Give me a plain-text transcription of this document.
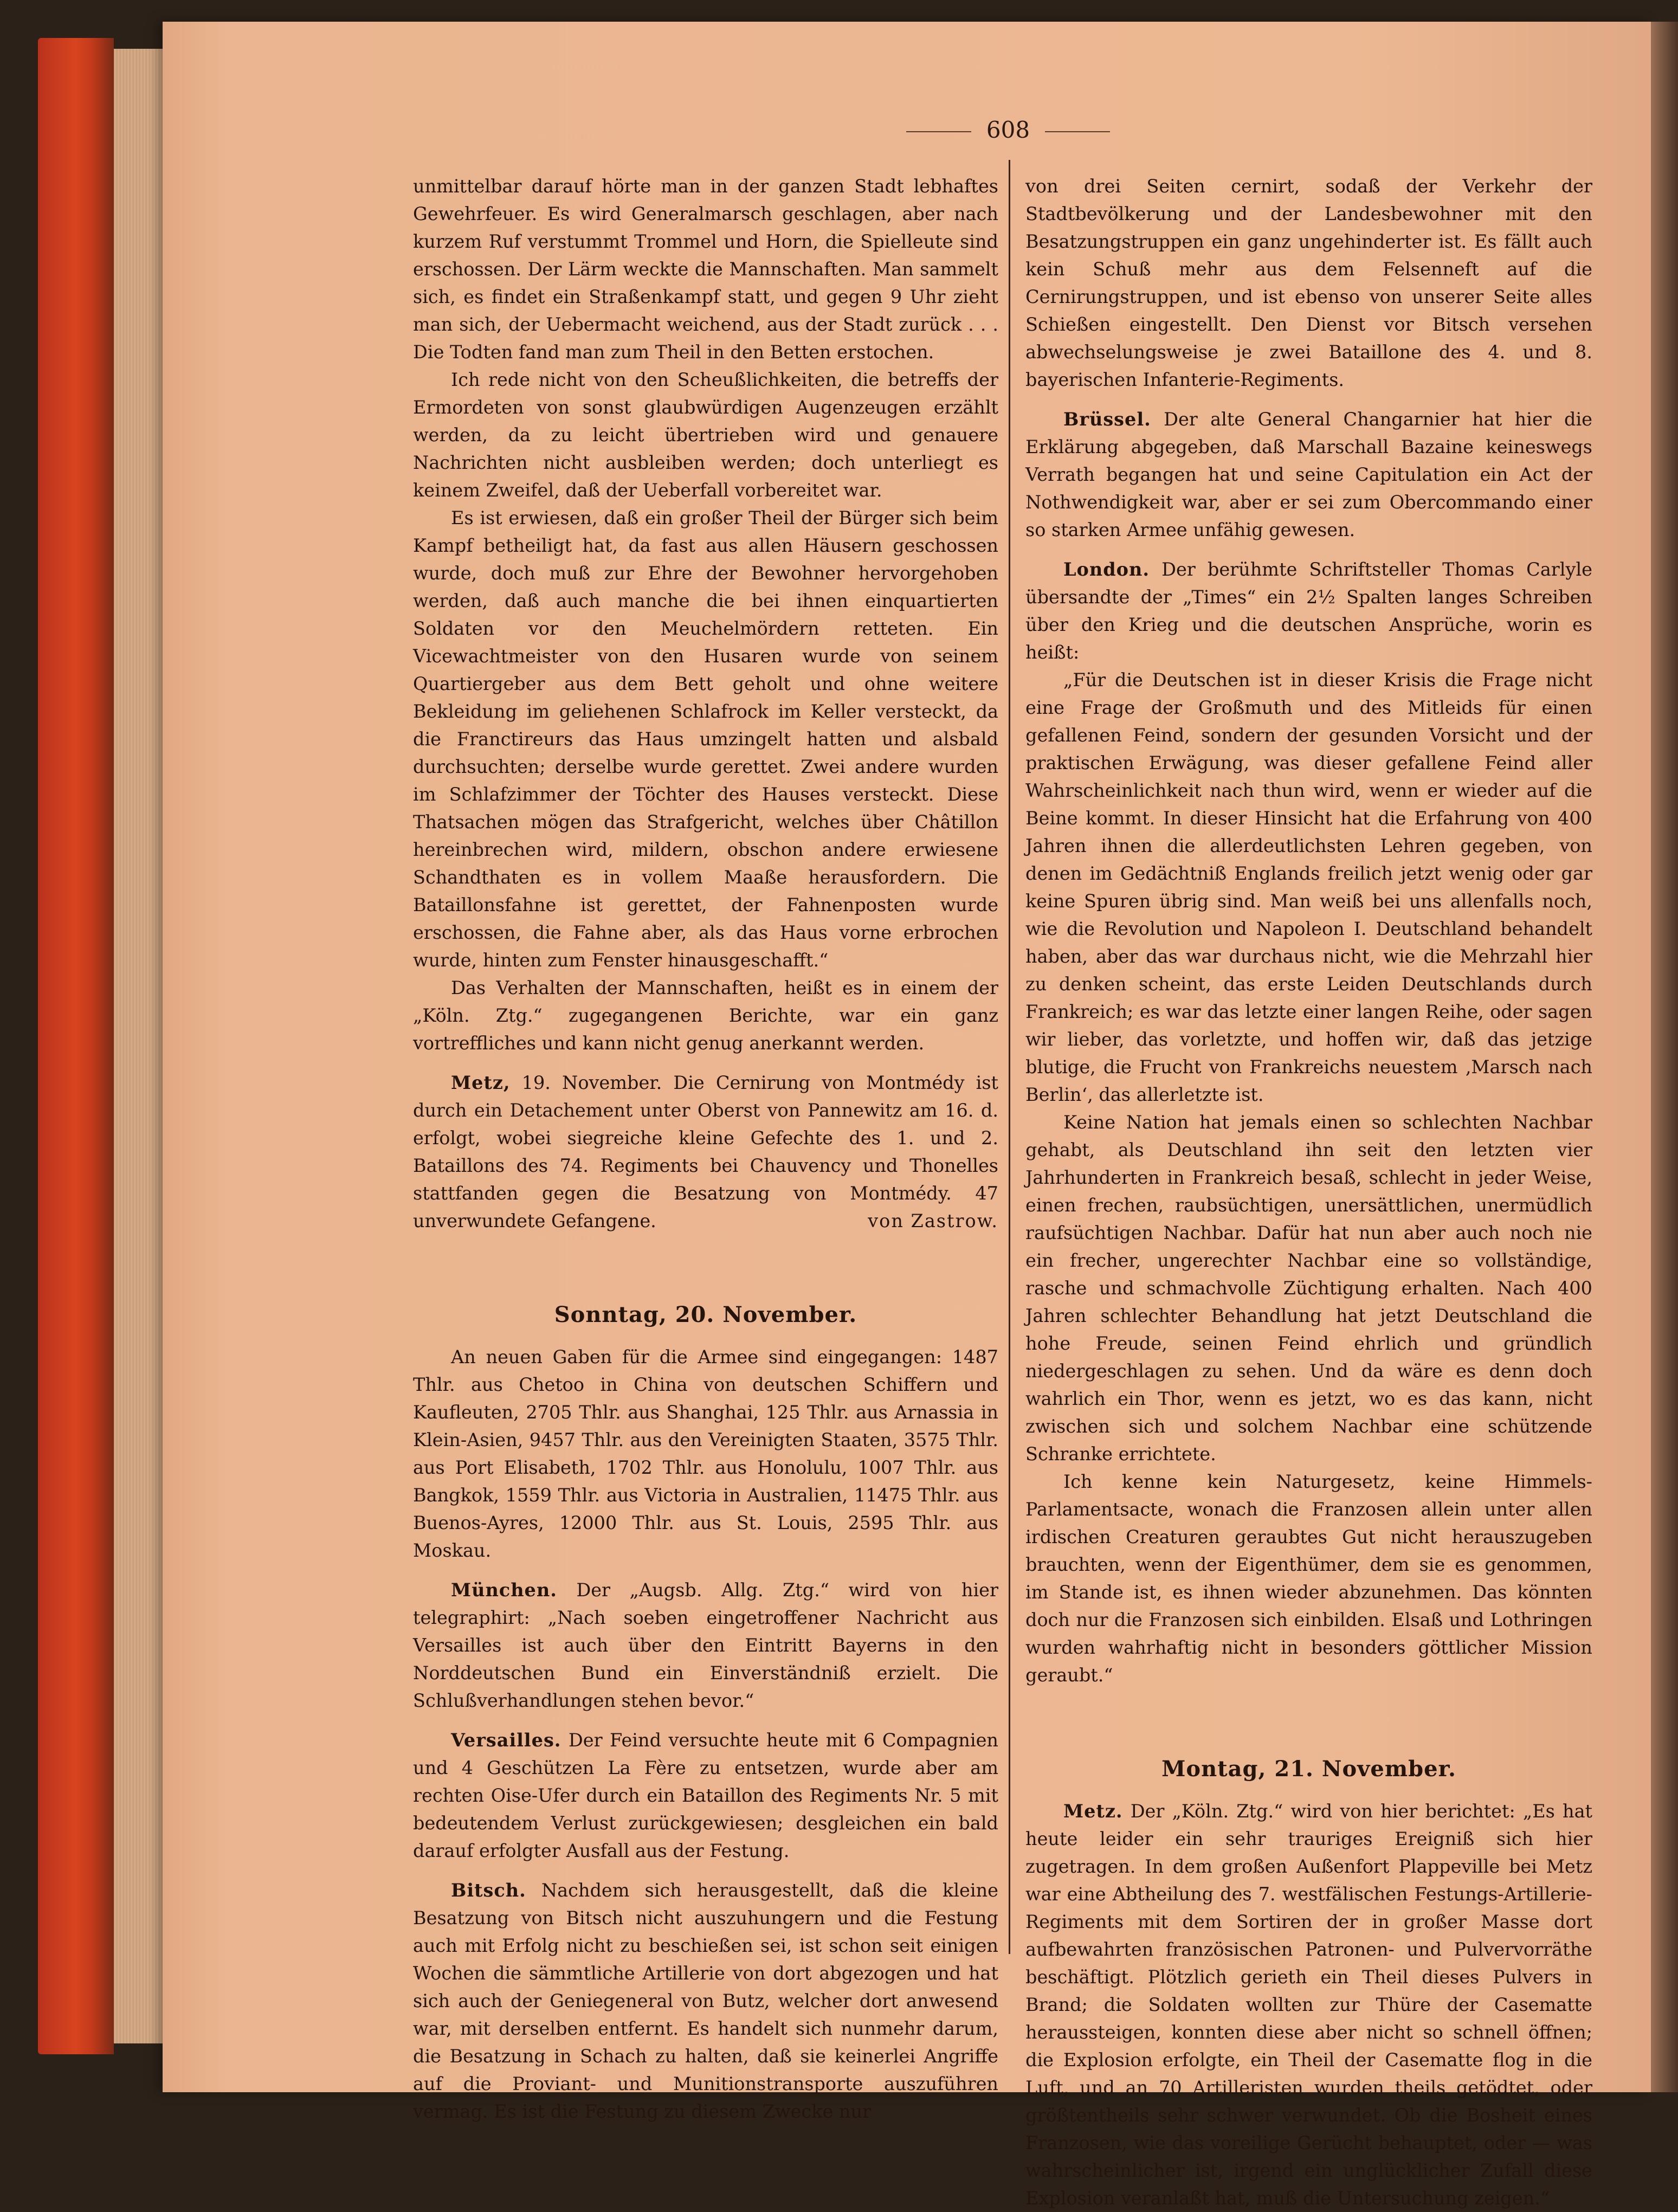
608

unmittelbar darauf hörte man in der ganzen Stadt lebhaftes Gewehrfeuer. Es wird Generalmarsch geschlagen, aber nach kurzem Ruf verstummt Trommel und Horn, die Spielleute sind erschossen. Der Lärm weckte die Mannschaften. Man sammelt sich, es findet ein Straßenkampf statt, und gegen 9 Uhr zieht man sich, der Uebermacht weichend, aus der Stadt zurück . . . Die Todten fand man zum Theil in den Betten erstochen.

Ich rede nicht von den Scheußlichkeiten, die betreffs der Ermordeten von sonst glaubwürdigen Augenzeugen erzählt werden, da zu leicht übertrieben wird und genauere Nachrichten nicht ausbleiben werden; doch unterliegt es keinem Zweifel, daß der Ueberfall vorbereitet war.

Es ist erwiesen, daß ein großer Theil der Bürger sich beim Kampf betheiligt hat, da fast aus allen Häusern geschossen wurde, doch muß zur Ehre der Bewohner hervorgehoben werden, daß auch manche die bei ihnen einquartierten Soldaten vor den Meuchelmördern retteten. Ein Vicewachtmeister von den Husaren wurde von seinem Quartiergeber aus dem Bett geholt und ohne weitere Bekleidung im geliehenen Schlafrock im Keller versteckt, da die Franctireurs das Haus umzingelt hatten und alsbald durchsuchten; derselbe wurde gerettet. Zwei andere wurden im Schlafzimmer der Töchter des Hauses versteckt. Diese Thatsachen mögen das Strafgericht, welches über Châtillon hereinbrechen wird, mildern, obschon andere erwiesene Schandthaten es in vollem Maaße herausfordern. Die Bataillonsfahne ist gerettet, der Fahnenposten wurde erschossen, die Fahne aber, als das Haus vorne erbrochen wurde, hinten zum Fenster hinausgeschafft.“

Das Verhalten der Mannschaften, heißt es in einem der „Köln. Ztg.“ zugegangenen Berichte, war ein ganz vortreffliches und kann nicht genug anerkannt werden.

Metz, 19. November. Die Cernirung von Montmédy ist durch ein Detachement unter Oberst von Pannewitz am 16. d. erfolgt, wobei siegreiche kleine Gefechte des 1. und 2. Bataillons des 74. Regiments bei Chauvency und Thonelles stattfanden gegen die Besatzung von Montmédy. 47 unverwundete Gefangene.	von Zastrow.

Sonntag, 20. November.

An neuen Gaben für die Armee sind eingegangen: 1487 Thlr. aus Chetoo in China von deutschen Schiffern und Kaufleuten, 2705 Thlr. aus Shanghai, 125 Thlr. aus Arnassia in Klein-Asien, 9457 Thlr. aus den Vereinigten Staaten, 3575 Thlr. aus Port Elisabeth, 1702 Thlr. aus Honolulu, 1007 Thlr. aus Bangkok, 1559 Thlr. aus Victoria in Australien, 11475 Thlr. aus Buenos-Ayres, 12000 Thlr. aus St. Louis, 2595 Thlr. aus Moskau.

München. Der „Augsb. Allg. Ztg.“ wird von hier telegraphirt: „Nach soeben eingetroffener Nachricht aus Versailles ist auch über den Eintritt Bayerns in den Norddeutschen Bund ein Einverständniß erzielt. Die Schlußverhandlungen stehen bevor.“

Versailles. Der Feind versuchte heute mit 6 Compagnien und 4 Geschützen La Fère zu entsetzen, wurde aber am rechten Oise-Ufer durch ein Bataillon des Regiments Nr. 5 mit bedeutendem Verlust zurückgewiesen; desgleichen ein bald darauf erfolgter Ausfall aus der Festung.

Bitsch. Nachdem sich herausgestellt, daß die kleine Besatzung von Bitsch nicht auszuhungern und die Festung auch mit Erfolg nicht zu beschießen sei, ist schon seit einigen Wochen die sämmtliche Artillerie von dort abgezogen und hat sich auch der Geniegeneral von Butz, welcher dort anwesend war, mit derselben entfernt. Es handelt sich nunmehr darum, die Besatzung in Schach zu halten, daß sie keinerlei Angriffe auf die Proviant- und Munitionstransporte auszuführen vermag. Es ist die Festung zu diesem Zwecke nur

von drei Seiten cernirt, sodaß der Verkehr der Stadtbevölkerung und der Landesbewohner mit den Besatzungstruppen ein ganz ungehinderter ist. Es fällt auch kein Schuß mehr aus dem Felsenneft auf die Cernirungstruppen, und ist ebenso von unserer Seite alles Schießen eingestellt. Den Dienst vor Bitsch versehen abwechselungsweise je zwei Bataillone des 4. und 8. bayerischen Infanterie-Regiments.

Brüssel. Der alte General Changarnier hat hier die Erklärung abgegeben, daß Marschall Bazaine keineswegs Verrath begangen hat und seine Capitulation ein Act der Nothwendigkeit war, aber er sei zum Obercommando einer so starken Armee unfähig gewesen.

London. Der berühmte Schriftsteller Thomas Carlyle übersandte der „Times“ ein 2½ Spalten langes Schreiben über den Krieg und die deutschen Ansprüche, worin es heißt:

„Für die Deutschen ist in dieser Krisis die Frage nicht eine Frage der Großmuth und des Mitleids für einen gefallenen Feind, sondern der gesunden Vorsicht und der praktischen Erwägung, was dieser gefallene Feind aller Wahrscheinlichkeit nach thun wird, wenn er wieder auf die Beine kommt. In dieser Hinsicht hat die Erfahrung von 400 Jahren ihnen die allerdeutlichsten Lehren gegeben, von denen im Gedächtniß Englands freilich jetzt wenig oder gar keine Spuren übrig sind. Man weiß bei uns allenfalls noch, wie die Revolution und Napoleon I. Deutschland behandelt haben, aber das war durchaus nicht, wie die Mehrzahl hier zu denken scheint, das erste Leiden Deutschlands durch Frankreich; es war das letzte einer langen Reihe, oder sagen wir lieber, das vorletzte, und hoffen wir, daß das jetzige blutige, die Frucht von Frankreichs neuestem ‚Marsch nach Berlin‘, das allerletzte ist.

Keine Nation hat jemals einen so schlechten Nachbar gehabt, als Deutschland ihn seit den letzten vier Jahrhunderten in Frankreich besaß, schlecht in jeder Weise, einen frechen, raubsüchtigen, unersättlichen, unermüdlich raufsüchtigen Nachbar. Dafür hat nun aber auch noch nie ein frecher, ungerechter Nachbar eine so vollständige, rasche und schmachvolle Züchtigung erhalten. Nach 400 Jahren schlechter Behandlung hat jetzt Deutschland die hohe Freude, seinen Feind ehrlich und gründlich niedergeschlagen zu sehen. Und da wäre es denn doch wahrlich ein Thor, wenn es jetzt, wo es das kann, nicht zwischen sich und solchem Nachbar eine schützende Schranke errichtete.

Ich kenne kein Naturgesetz, keine Himmels-Parlamentsacte, wonach die Franzosen allein unter allen irdischen Creaturen geraubtes Gut nicht herauszugeben brauchten, wenn der Eigenthümer, dem sie es genommen, im Stande ist, es ihnen wieder abzunehmen. Das könnten doch nur die Franzosen sich einbilden. Elsaß und Lothringen wurden wahrhaftig nicht in besonders göttlicher Mission geraubt.“

Montag, 21. November.

Metz. Der „Köln. Ztg.“ wird von hier berichtet: „Es hat heute leider ein sehr trauriges Ereigniß sich hier zugetragen. In dem großen Außenfort Plappeville bei Metz war eine Abtheilung des 7. westfälischen Festungs-Artillerie-Regiments mit dem Sortiren der in großer Masse dort aufbewahrten französischen Patronen- und Pulvervorräthe beschäftigt. Plötzlich gerieth ein Theil dieses Pulvers in Brand; die Soldaten wollten zur Thüre der Casematte heraussteigen, konnten diese aber nicht so schnell öffnen; die Explosion erfolgte, ein Theil der Casematte flog in die Luft, und an 70 Artilleristen wurden theils getödtet, oder größtentheils sehr schwer verwundet. Ob die Bosheit eines Franzosen, wie das voreilige Gerücht behauptet, oder — was wahrscheinlicher ist, irgend ein unglücklicher Zufall diese Explosion veranlaßt hat, muß die Untersuchung zeigen.“
